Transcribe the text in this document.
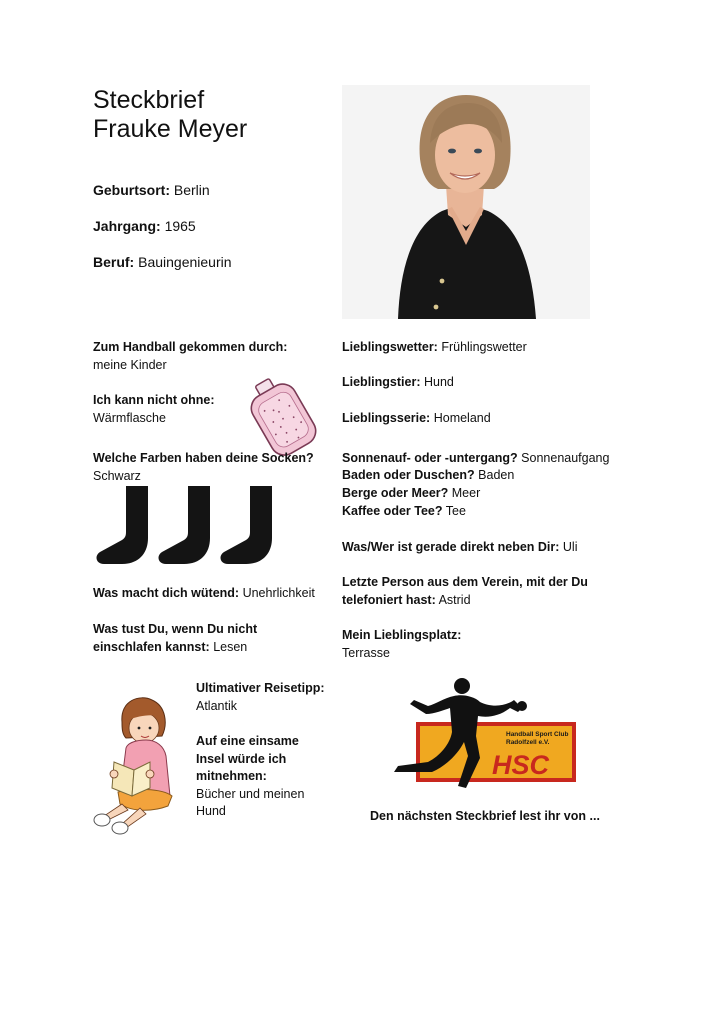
Steckbrief
Frauke Meyer
Geburtsort: Berlin
Jahrgang: 1965
Beruf: Bauingenieurin
Zum Handball gekommen durch:
meine Kinder
Ich kann nicht ohne:
Wärmflasche
Welche Farben haben deine Socken?
Schwarz
Was macht dich wütend: Unehrlichkeit
Was tust Du, wenn Du nicht
einschlafen kannst: Lesen
Ultimativer Reisetipp:
Atlantik
Auf eine einsame
Insel würde ich
mitnehmen:
Bücher und meinen
Hund
Lieblingswetter: Frühlingswetter
Lieblingstier: Hund
Lieblingsserie: Homeland
Sonnenauf- oder -untergang? Sonnenaufgang
Baden oder Duschen? Baden
Berge oder Meer? Meer
Kaffee oder Tee? Tee
Was/Wer ist gerade direkt neben Dir: Uli
Letzte Person aus dem Verein, mit der Du
telefoniert hast: Astrid
Mein Lieblingsplatz:
Terrasse
Handball Sport Club
Radolfzell e.V.
HSC
Den nächsten Steckbrief lest ihr von ...
